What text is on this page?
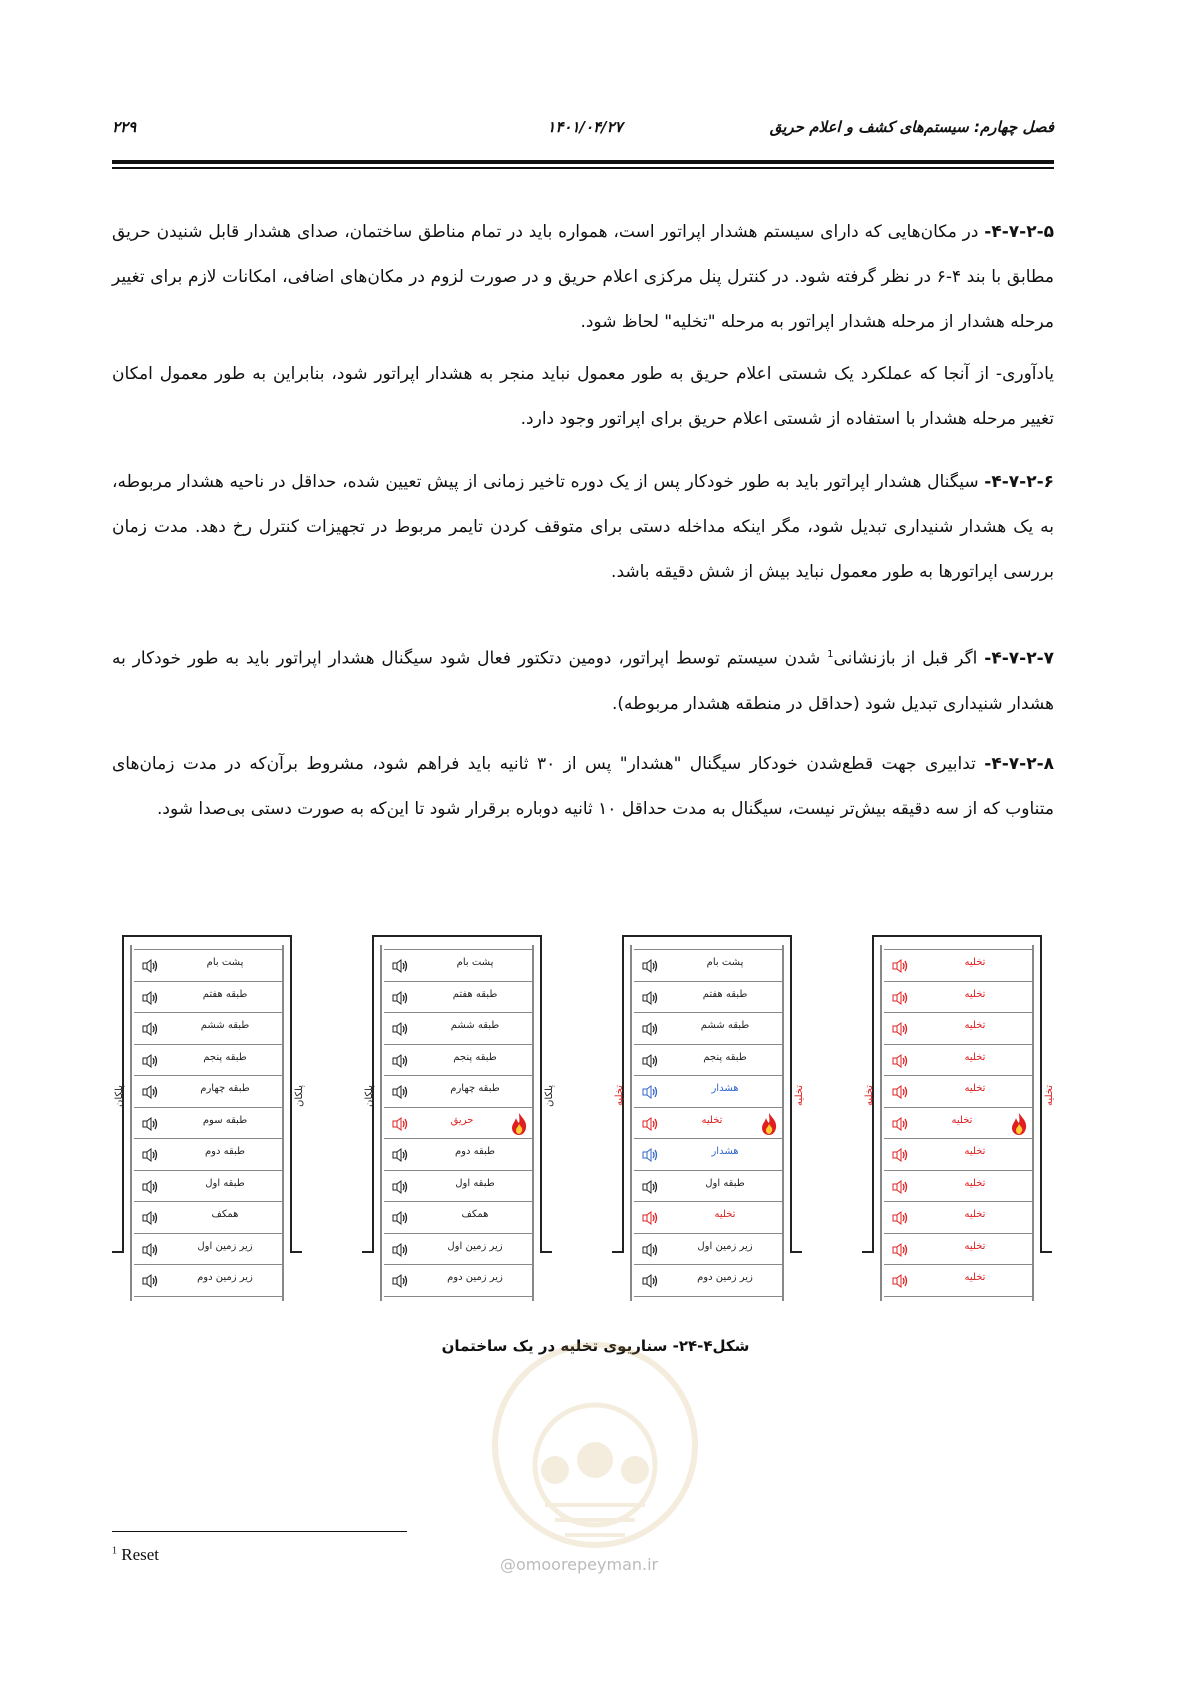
فصل چهارم: سیستم‌های کشف و اعلام حریق
۱۴۰۱/۰۴/۲۷
۲۲۹
۴-۷-۲-۵- در مکان‌هایی که دارای سیستم هشدار اپراتور است، همواره باید در تمام مناطق ساختمان، صدای هشدار قابل شنیدن حریق مطابق با بند ۴-۶ در نظر گرفته شود. در کنترل پنل مرکزی اعلام حریق و در صورت لزوم در مکان‌های اضافی، امکانات لازم برای تغییر مرحله هشدار از مرحله هشدار اپراتور به مرحله "تخلیه" لحاظ شود.
یادآوری- از آنجا که عملکرد یک شستی اعلام حریق به طور معمول نباید منجر به هشدار اپراتور شود، بنابراین به طور معمول امکان تغییر مرحله هشدار با استفاده از شستی اعلام حریق برای اپراتور وجود دارد.
۴-۷-۲-۶- سیگنال هشدار اپراتور باید به طور خودکار پس از یک دوره تاخیر زمانی از پیش تعیین شده، حداقل در ناحیه هشدار مربوطه، به یک هشدار شنیداری تبدیل شود، مگر اینکه مداخله دستی برای متوقف کردن تایمر مربوط در تجهیزات کنترل رخ دهد. مدت زمان بررسی اپراتورها به طور معمول نباید بیش از شش دقیقه باشد.
۴-۷-۲-۷- اگر قبل از بازنشانی$^1$ شدن سیستم توسط اپراتور، دومین دتکتور فعال شود سیگنال هشدار اپراتور باید به طور خودکار به هشدار شنیداری تبدیل شود (حداقل در منطقه هشدار مربوطه).
۴-۷-۲-۸- تدابیری جهت قطع‌شدن خودکار سیگنال "هشدار" پس از ۳۰ ثانیه باید فراهم شود، مشروط برآن‌که در مدت زمان‌های متناوب که از سه دقیقه بیش‌تر نیست، سیگنال به مدت حداقل ۱۰ ثانیه دوباره برقرار شود تا این‌که به صورت دستی بی‌صدا شود.
پلکان	پلکان
پشت بام
طبقه هفتم
طبقه ششم
طبقه پنجم
طبقه چهارم
طبقه سوم
طبقه دوم
طبقه اول
همکف
زیر زمین اول
زیر زمین دوم
پلکان	پلکان
پشت بام
طبقه هفتم
طبقه ششم
طبقه پنجم
طبقه چهارم
حریق
طبقه دوم
طبقه اول
همکف
زیر زمین اول
زیر زمین دوم
تخلیه	تخلیه
پشت بام
طبقه هفتم
طبقه ششم
طبقه پنجم
هشدار
تخلیه
هشدار
طبقه اول
تخلیه
زیر زمین اول
زیر زمین دوم
تخلیه	تخلیه
تخلیه
تخلیه
تخلیه
تخلیه
تخلیه
تخلیه
تخلیه
تخلیه
تخلیه
تخلیه
تخلیه
شکل۴-۲۴- سناریوی تخلیه در یک ساختمان
@omoorepeyman.ir
$^1$ Reset
